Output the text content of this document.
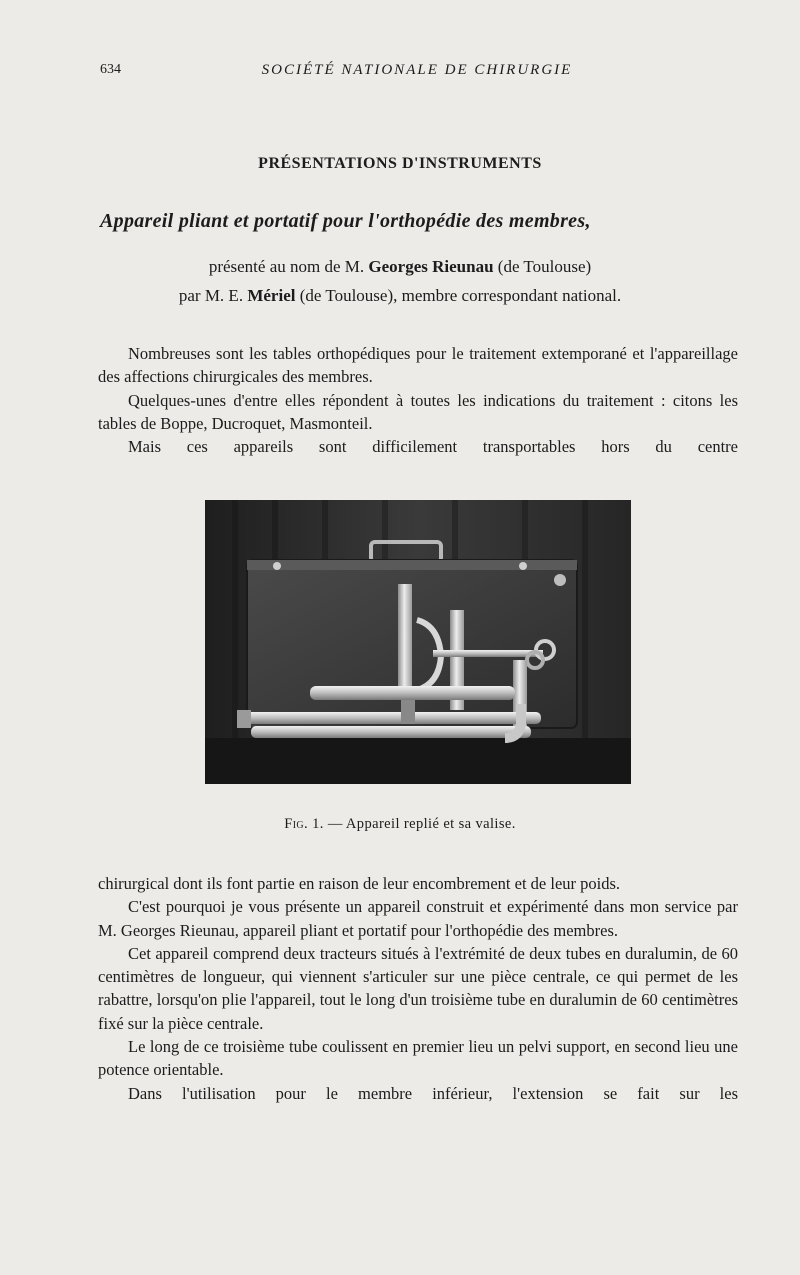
634	SOCIÉTÉ NATIONALE DE CHIRURGIE
PRÉSENTATIONS D'INSTRUMENTS
Appareil pliant et portatif pour l'orthopédie des membres,
présenté au nom de M. Georges Rieunau (de Toulouse)
par M. E. Mériel (de Toulouse), membre correspondant national.

Nombreuses sont les tables orthopédiques pour le traitement extemporané et l'appareillage des affections chirurgicales des membres.

Quelques-unes d'entre elles répondent à toutes les indications du traitement : citons les tables de Boppe, Ducroquet, Masmonteil.

Mais ces appareils sont difficilement transportables hors du centre

Fig. 1. — Appareil replié et sa valise.

chirurgical dont ils font partie en raison de leur encombrement et de leur poids.

C'est pourquoi je vous présente un appareil construit et expérimenté dans mon service par M. Georges Rieunau, appareil pliant et portatif pour l'orthopédie des membres.

Cet appareil comprend deux tracteurs situés à l'extrémité de deux tubes en duralumin, de 60 centimètres de longueur, qui viennent s'articuler sur une pièce centrale, ce qui permet de les rabattre, lorsqu'on plie l'appareil, tout le long d'un troisième tube en duralumin de 60 centimètres fixé sur la pièce centrale.

Le long de ce troisième tube coulissent en premier lieu un pelvi support, en second lieu une potence orientable.

Dans l'utilisation pour le membre inférieur, l'extension se fait sur les
